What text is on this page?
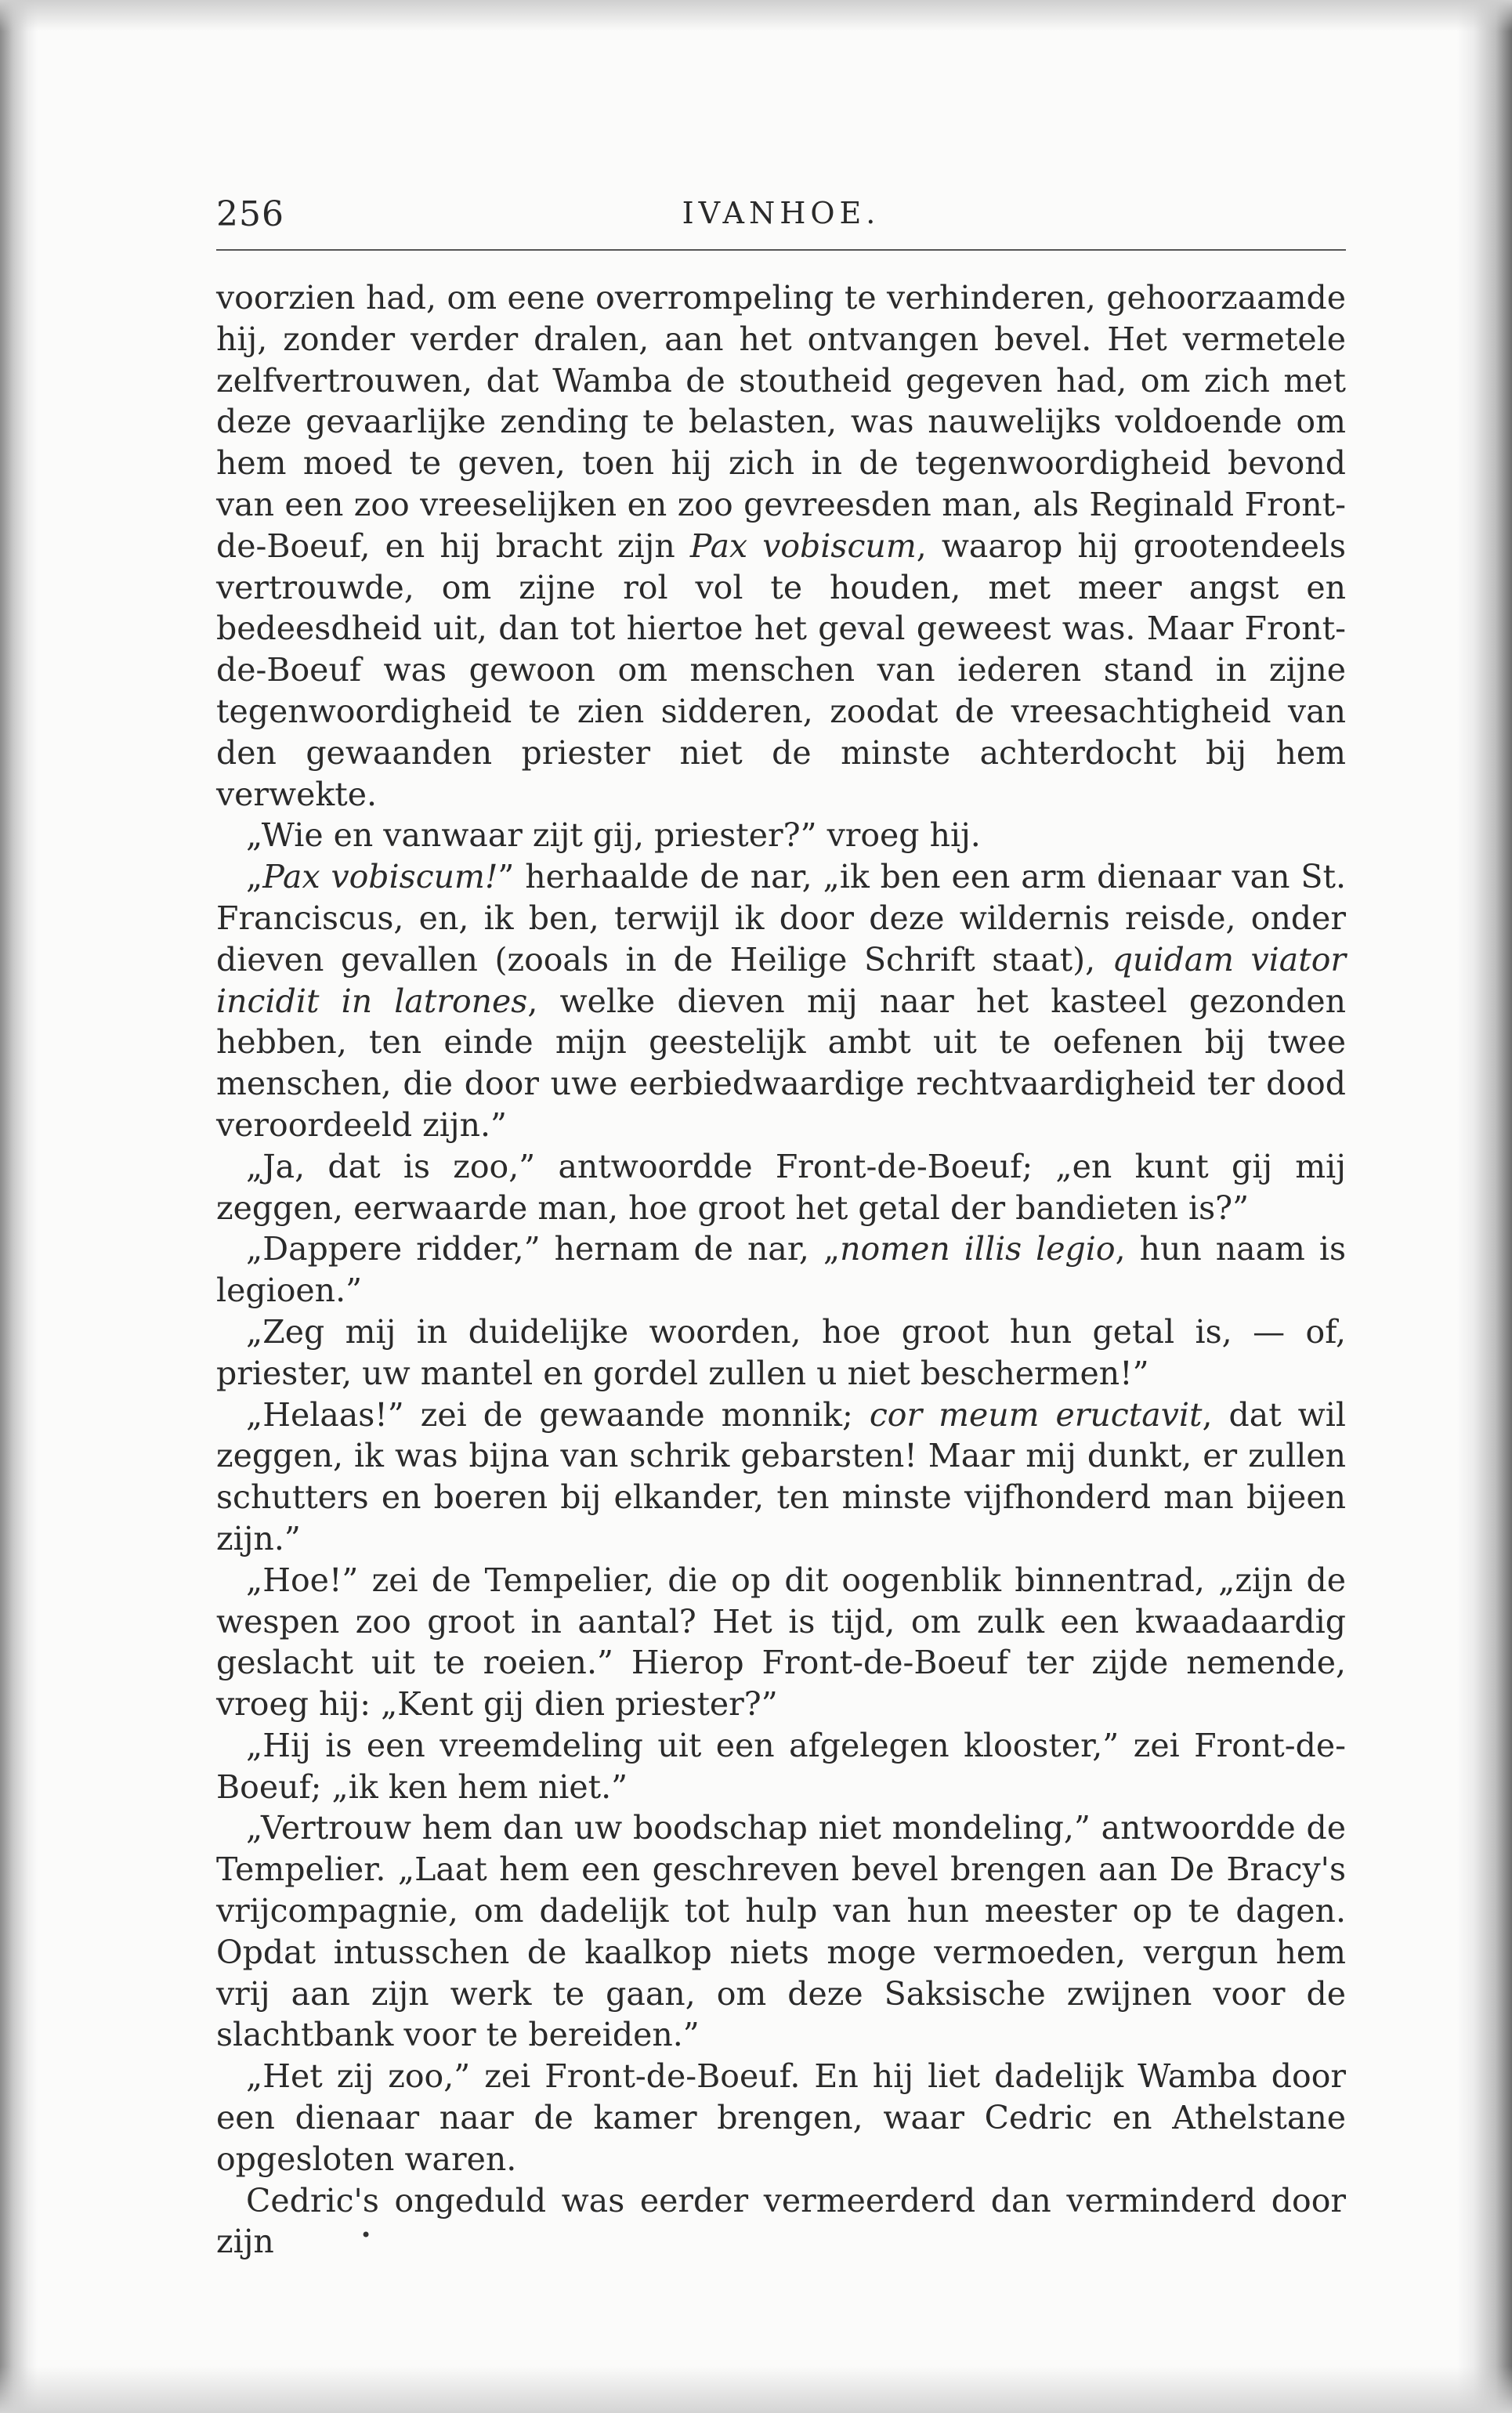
256	IVANHOE.

voorzien had, om eene overrompeling te verhinderen, gehoorzaamde hij, zonder verder dralen, aan het ontvangen bevel. Het vermetele zelfvertrouwen, dat Wamba de stoutheid gegeven had, om zich met deze gevaarlijke zending te belasten, was nauwelijks voldoende om hem moed te geven, toen hij zich in de tegenwoordigheid bevond van een zoo vreeselijken en zoo gevreesden man, als Reginald Front-de-Boeuf, en hij bracht zijn Pax vobiscum, waarop hij grootendeels vertrouwde, om zijne rol vol te houden, met meer angst en bedeesdheid uit, dan tot hiertoe het geval geweest was. Maar Front-de-Boeuf was gewoon om menschen van iederen stand in zijne tegenwoordigheid te zien sidderen, zoodat de vreesachtigheid van den gewaanden priester niet de minste achterdocht bij hem verwekte.

„Wie en vanwaar zijt gij, priester?” vroeg hij.

„Pax vobiscum!” herhaalde de nar, „ik ben een arm dienaar van St. Franciscus, en, ik ben, terwijl ik door deze wildernis reisde, onder dieven gevallen (zooals in de Heilige Schrift staat), quidam viator incidit in latrones, welke dieven mij naar het kasteel gezonden hebben, ten einde mijn geestelijk ambt uit te oefenen bij twee menschen, die door uwe eerbiedwaardige rechtvaardigheid ter dood veroordeeld zijn.”

„Ja, dat is zoo,” antwoordde Front-de-Boeuf; „en kunt gij mij zeggen, eerwaarde man, hoe groot het getal der bandieten is?”

„Dappere ridder,” hernam de nar, „nomen illis legio, hun naam is legioen.”

„Zeg mij in duidelijke woorden, hoe groot hun getal is, — of, priester, uw mantel en gordel zullen u niet beschermen!”

„Helaas!” zei de gewaande monnik; cor meum eructavit, dat wil zeggen, ik was bijna van schrik gebarsten! Maar mij dunkt, er zullen schutters en boeren bij elkander, ten minste vijfhonderd man bijeen zijn.”

„Hoe!” zei de Tempelier, die op dit oogenblik binnentrad, „zijn de wespen zoo groot in aantal? Het is tijd, om zulk een kwaadaardig geslacht uit te roeien.” Hierop Front-de-Boeuf ter zijde nemende, vroeg hij: „Kent gij dien priester?”

„Hij is een vreemdeling uit een afgelegen klooster,” zei Front-de-Boeuf; „ik ken hem niet.”

„Vertrouw hem dan uw boodschap niet mondeling,” antwoordde de Tempelier. „Laat hem een geschreven bevel brengen aan De Bracy's vrijcompagnie, om dadelijk tot hulp van hun meester op te dagen. Opdat intusschen de kaalkop niets moge vermoeden, vergun hem vrij aan zijn werk te gaan, om deze Saksische zwijnen voor de slachtbank voor te bereiden.”

„Het zij zoo,” zei Front-de-Boeuf. En hij liet dadelijk Wamba door een dienaar naar de kamer brengen, waar Cedric en Athelstane opgesloten waren.

Cedric's ongeduld was eerder vermeerderd dan verminderd door zijn	•
